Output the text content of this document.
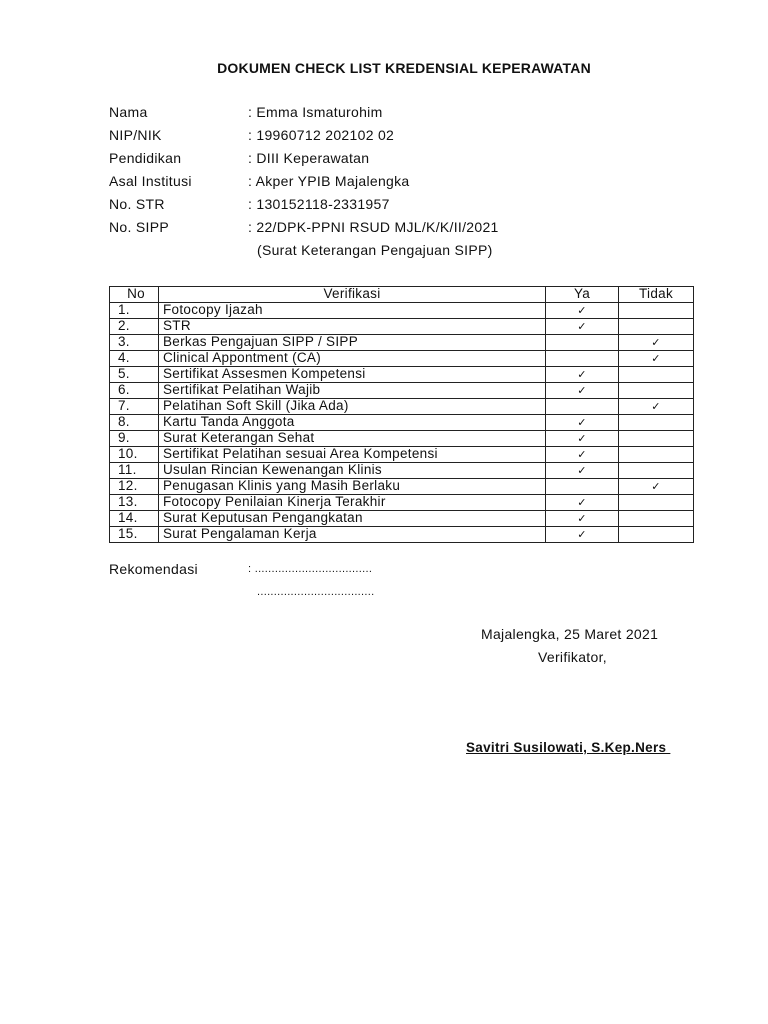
DOKUMEN CHECK LIST KREDENSIAL KEPERAWATAN
Nama	: Emma Ismaturohim
NIP/NIK	: 19960712 202102 02
Pendidikan	: DIII Keperawatan
Asal Institusi	: Akper YPIB Majalengka
No. STR	: 130152118-2331957
No. SIPP	: 22/DPK-PPNI RSUD MJL/K/K/II/2021
(Surat Keterangan Pengajuan SIPP)
No	Verifikasi	Ya	Tidak
1.	Fotocopy Ijazah	✓	
2.	STR	✓	
3.	Berkas Pengajuan SIPP / SIPP		✓
4.	Clinical Appontment (CA)		✓
5.	Sertifikat Assesmen Kompetensi	✓	
6.	Sertifikat Pelatihan Wajib	✓	
7.	Pelatihan Soft Skill (Jika Ada)		✓
8.	Kartu Tanda Anggota	✓	
9.	Surat Keterangan Sehat	✓	
10.	Sertifikat Pelatihan sesuai Area Kompetensi	✓	
11.	Usulan Rincian Kewenangan Klinis	✓	
12.	Penugasan Klinis yang Masih Berlaku		✓
13.	Fotocopy Penilaian Kinerja Terakhir	✓	
14.	Surat Keputusan Pengangkatan	✓	
15.	Surat Pengalaman Kerja	✓	
Rekomendasi	: ...................................
...................................
Majalengka, 25 Maret 2021
Verifikator,
Savitri Susilowati, S.Kep.Ners
